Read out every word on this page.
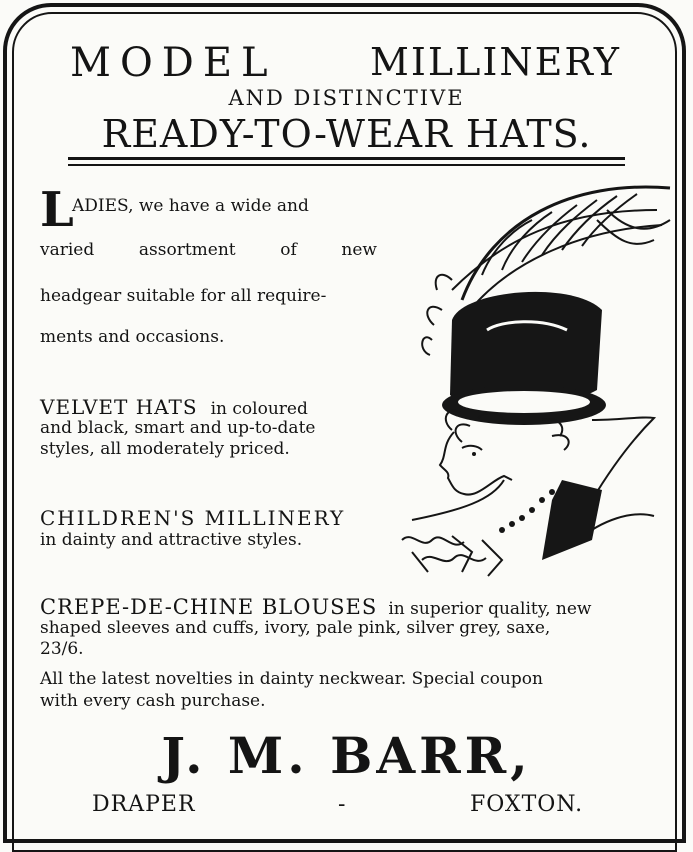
MODEL MILLINERY
AND DISTINCTIVE
READY-TO-WEAR HATS.
L
ADIES, we have a wide and
varied	assortment	of	new
headgear suitable for all require-
ments and occasions.
VELVET HATS in coloured
and black, smart and up-to-date
styles, all moderately priced.
CHILDREN'S MILLINERY
in dainty and attractive styles.
CREPE-DE-CHINE BLOUSES in superior quality, new
shaped sleeves and cuffs, ivory, pale pink, silver grey, saxe,
23/6.
All the latest novelties in dainty neckwear. Special coupon
with every cash purchase.
J. M. BARR,
DRAPER	-	FOXTON.
